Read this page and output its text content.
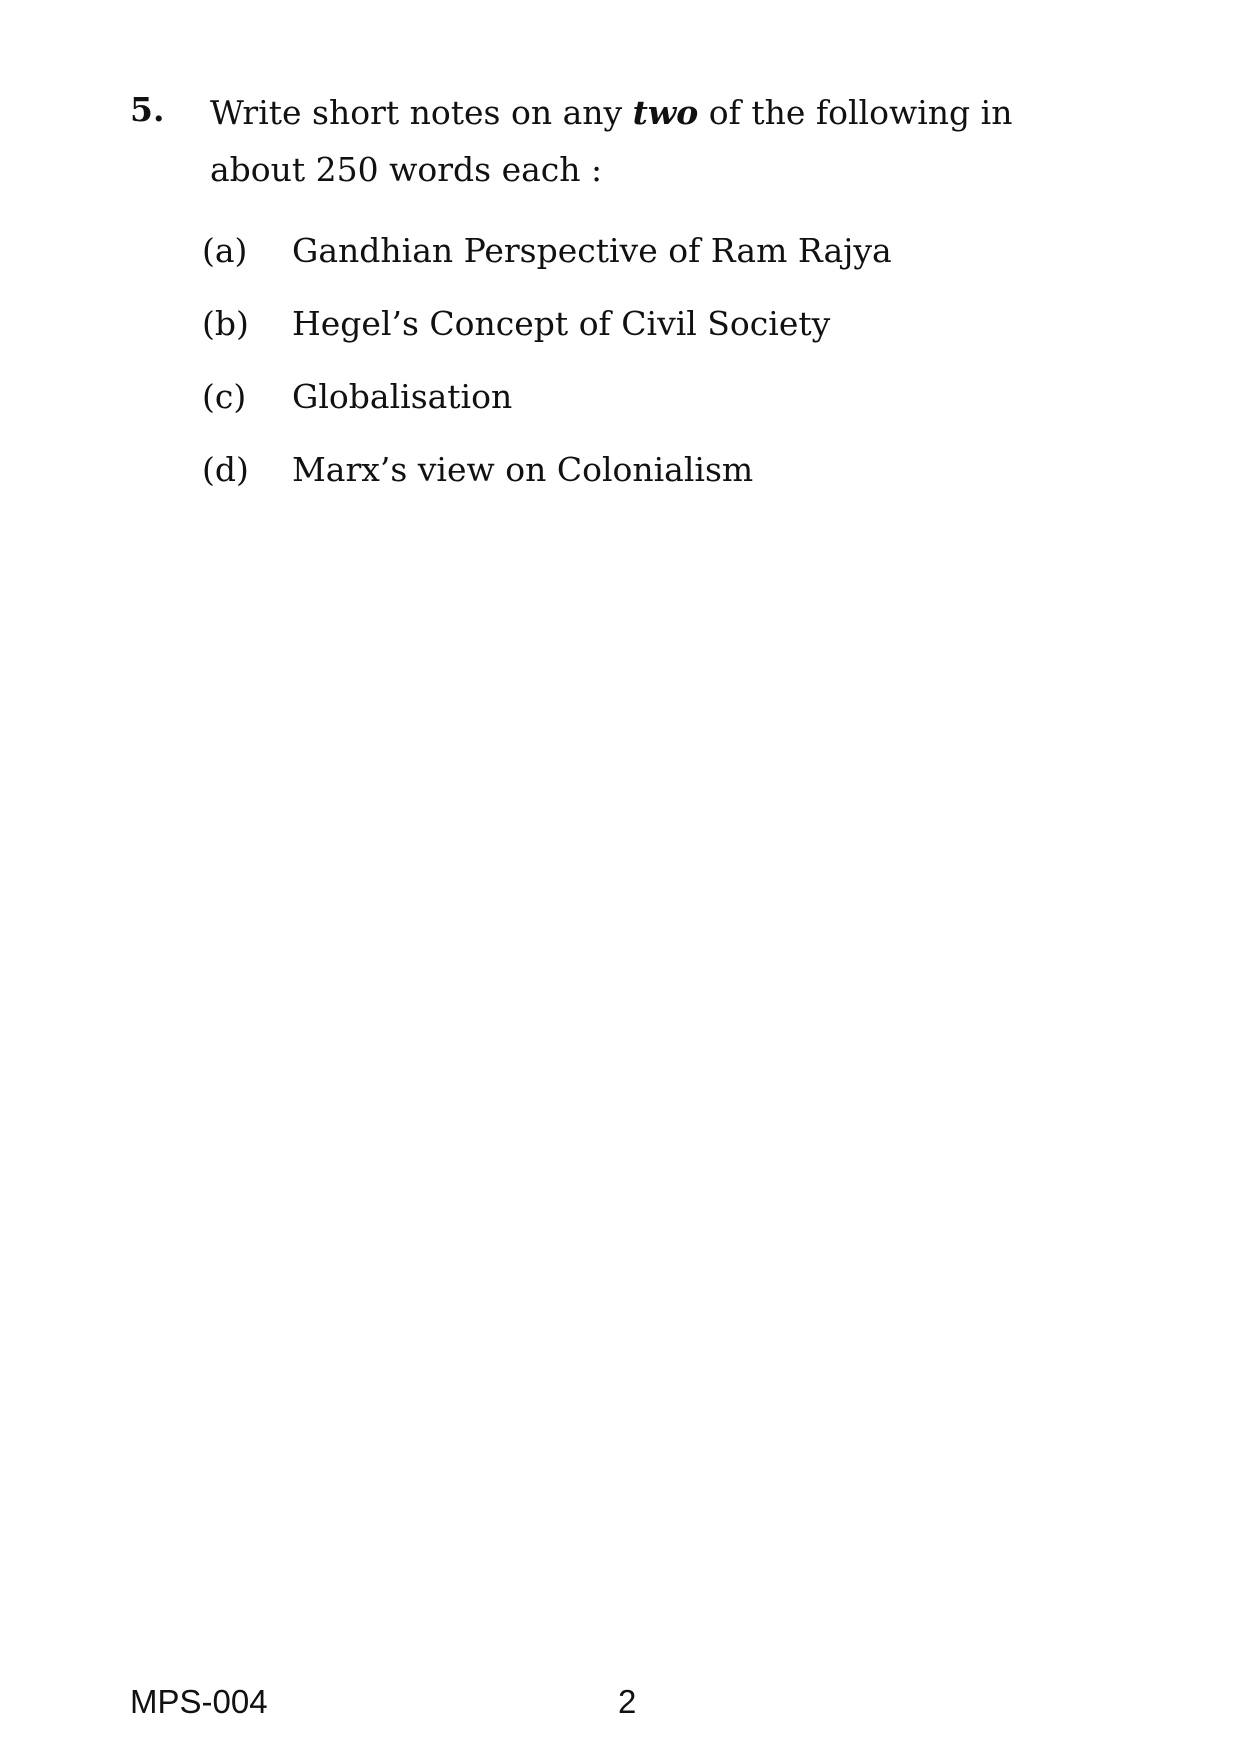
5. Write short notes on any two of the following in about 250 words each :
(a)	Gandhian Perspective of Ram Rajya
(b)	Hegel’s Concept of Civil Society
(c)	Globalisation
(d)	Marx’s view on Colonialism
MPS-004	2
